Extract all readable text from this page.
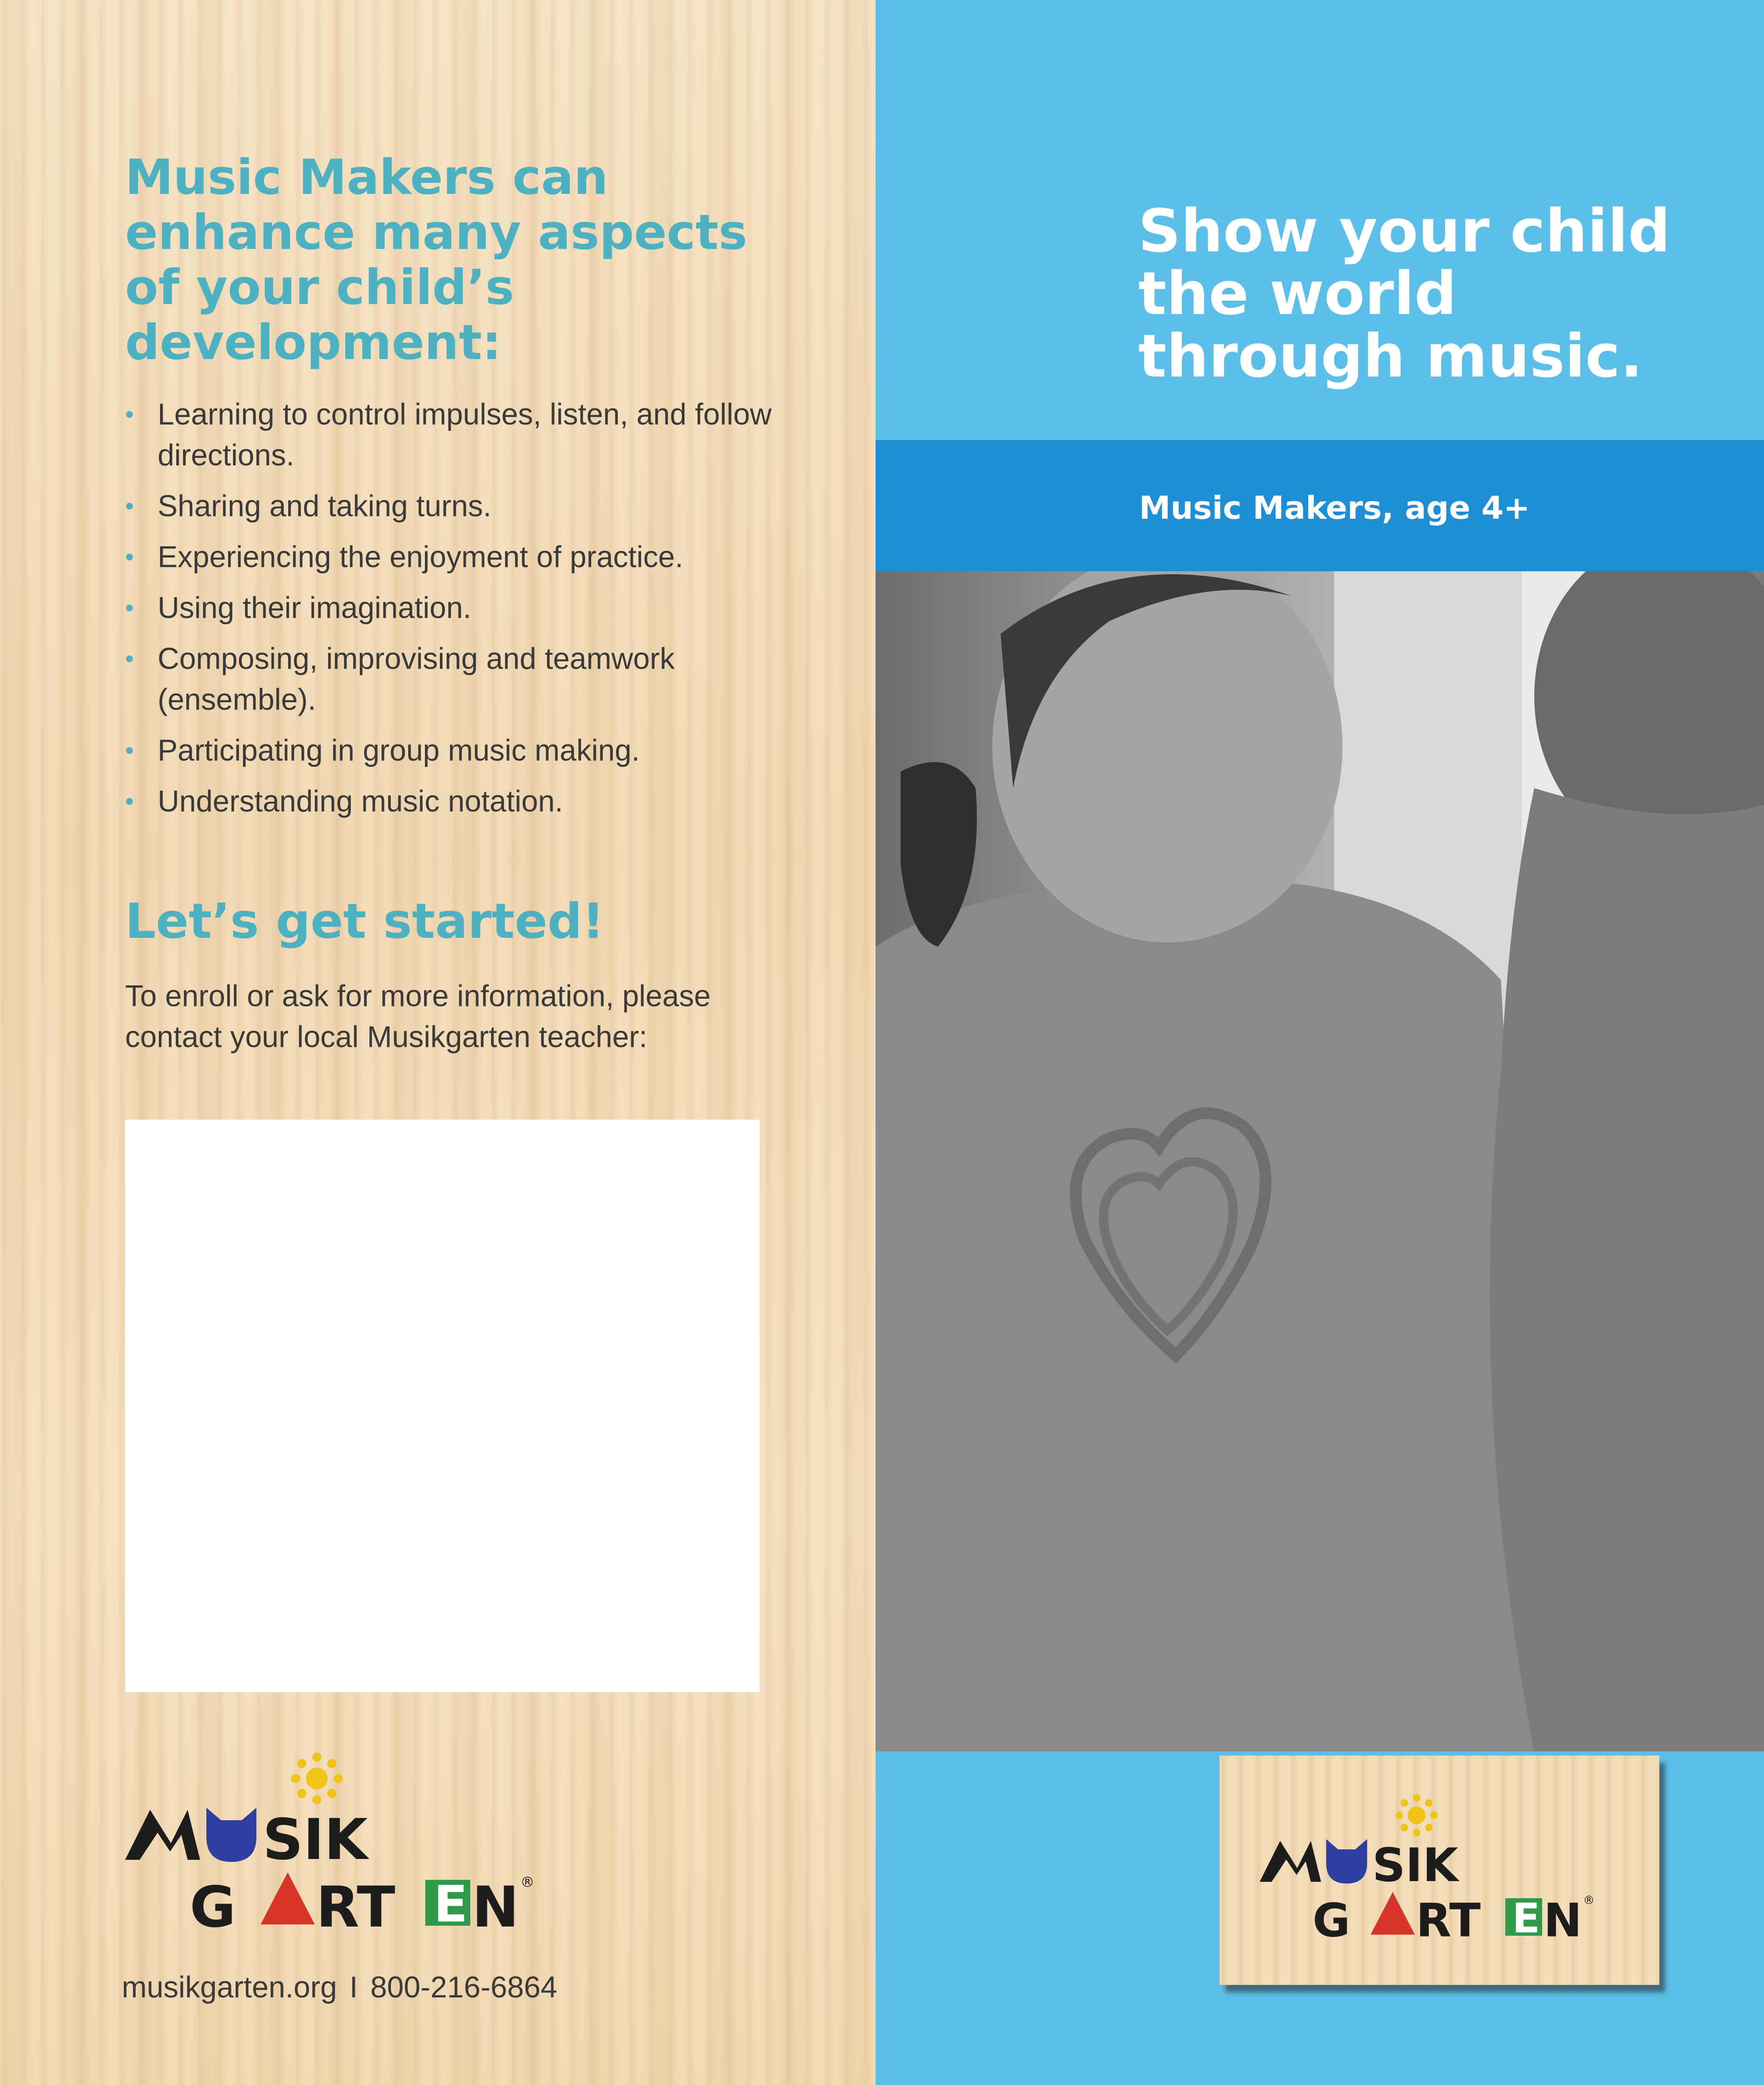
Music Makers can enhance many aspects of your child’s development:
• Learning to control impulses, listen, and follow directions.
• Sharing and taking turns.
• Experiencing the enjoyment of practice.
• Using their imagination.
• Composing, improvising and teamwork (ensemble).
• Participating in group music making.
• Understanding music notation.
Let’s get started!

To enroll or ask for more information, please contact your local Musikgarten teacher:

SIK
G RT E N ®

musikgarten.org I 800-216-6864

Show your child the world through music.

Music Makers, age 4+

SIK
G RT E N ®
